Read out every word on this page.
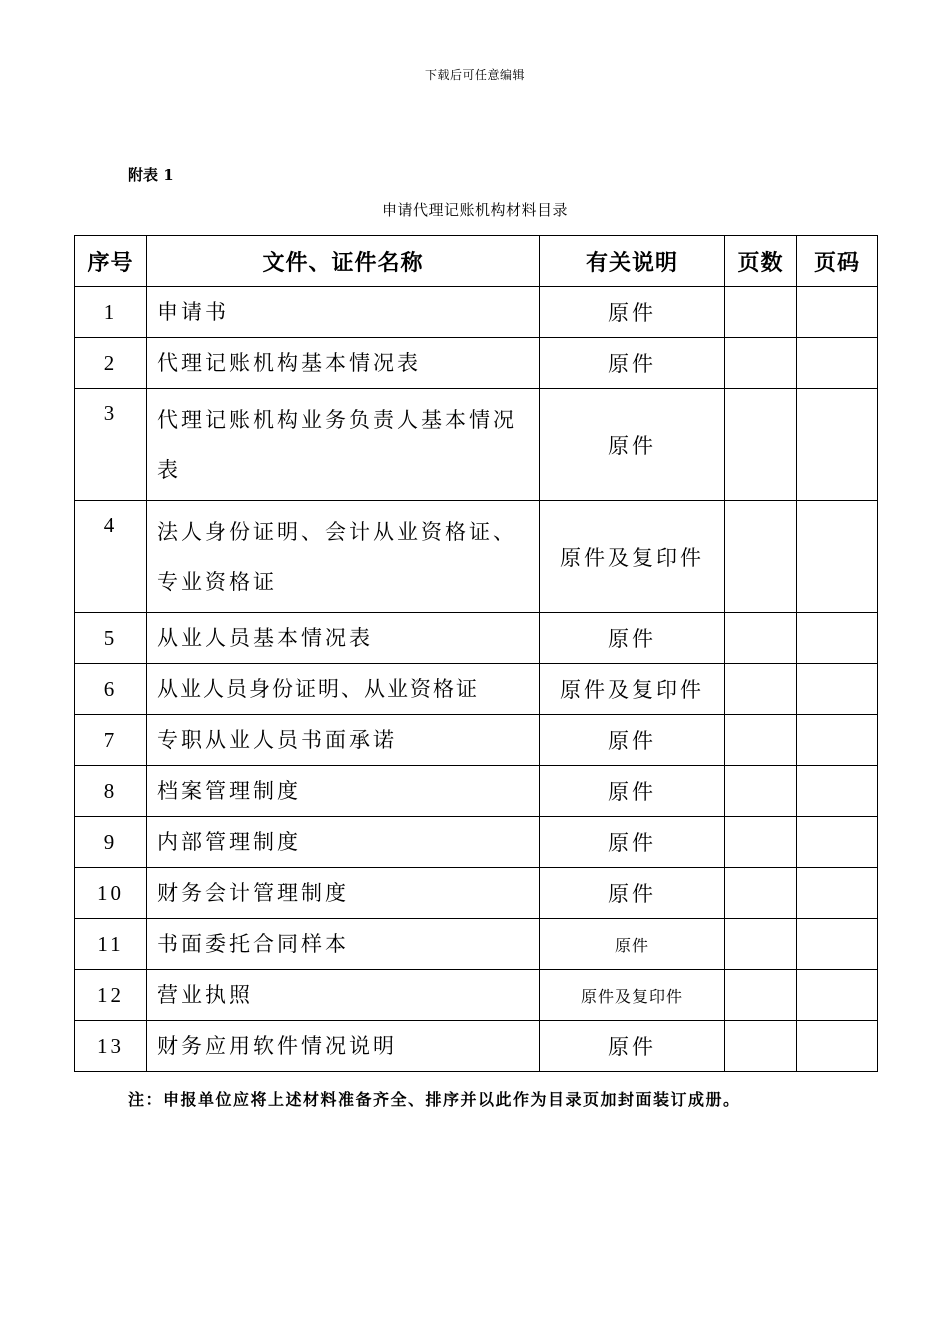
下载后可任意编辑
附表 1
申请代理记账机构材料目录
序号	文件、证件名称	有关说明	页数	页码
1	申请书	原件		
2	代理记账机构基本情况表	原件		
3	代理记账机构业务负责人基本情况表	原件		
4	法人身份证明、会计从业资格证、专业资格证	原件及复印件		
5	从业人员基本情况表	原件		
6	从业人员身份证明、从业资格证	原件及复印件		
7	专职从业人员书面承诺	原件		
8	档案管理制度	原件		
9	内部管理制度	原件		
10	财务会计管理制度	原件		
11	书面委托合同样本	原件		
12	营业执照	原件及复印件		
13	财务应用软件情况说明	原件		
注：申报单位应将上述材料准备齐全、排序并以此作为目录页加封面装订成册。
